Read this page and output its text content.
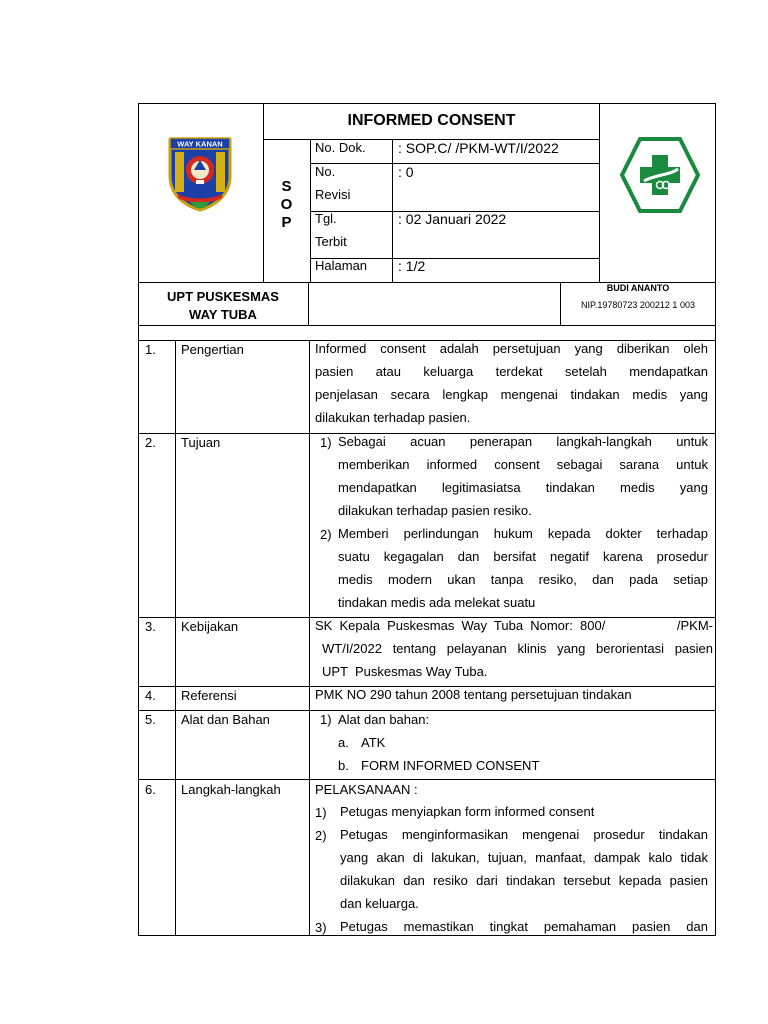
WAY KANAN
INFORMED CONSENT
S
O
P
No. Dok. : SOP.C/ /PKM-WT/I/2022
No.
Revisi
: 0
Tgl.
Terbit
: 02 Januari 2022
Halaman : 1/2
UPT PUSKESMAS
WAY TUBA
BUDI ANANTO
NIP.19780723 200212 1 003
1. Pengertian	Informed consent adalah persetujuan yang diberikan oleh
pasien atau keluarga terdekat setelah mendapatkan
penjelasan secara lengkap mengenai tindakan medis yang
dilakukan terhadap pasien.
2. Tujuan	1) Sebagai acuan penerapan langkah-langkah untuk
memberikan informed consent sebagai sarana untuk
mendapatkan legitimasiatsa tindakan medis yang
dilakukan terhadap pasien resiko.
2) Memberi perlindungan hukum kepada dokter terhadap
suatu kegagalan dan bersifat negatif karena prosedur
medis modern ukan tanpa resiko, dan pada setiap
tindakan medis ada melekat suatu
3. Kebijakan	SK Kepala Puskesmas Way Tuba Nomor: 800/          /PKM-
WT/I/2022 tentang pelayanan klinis yang berorientasi pasien
UPT  Puskesmas Way Tuba.
4. Referensi	PMK NO 290 tahun 2008 tentang persetujuan tindakan
5. Alat dan Bahan	1) Alat dan bahan:
a. ATK
b. FORM INFORMED CONSENT
6. Langkah-langkah	PELAKSANAAN :
1) Petugas menyiapkan form informed consent
2) Petugas menginformasikan mengenai prosedur tindakan
yang akan di lakukan, tujuan, manfaat, dampak kalo tidak
dilakukan dan resiko dari tindakan tersebut kepada pasien
dan keluarga.
3) Petugas memastikan tingkat pemahaman pasien dan
